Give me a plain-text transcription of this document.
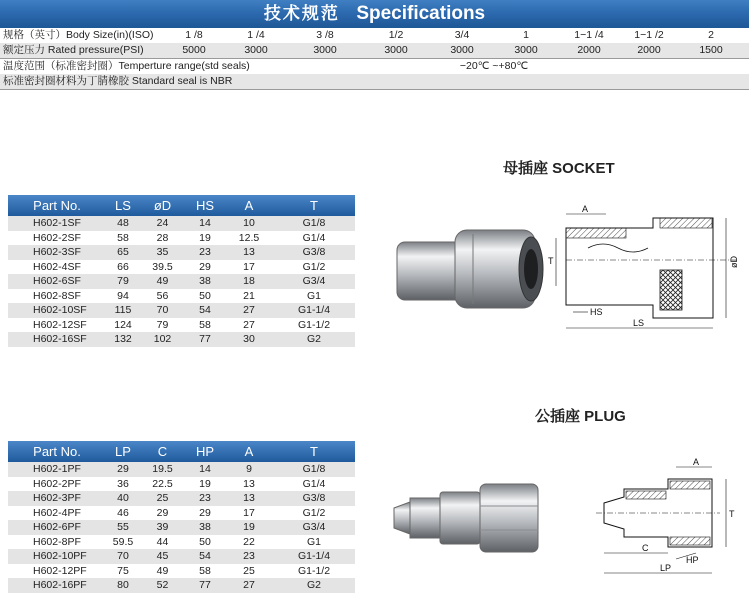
技术规范 Specifications
规格（英寸）Body Size(in)(ISO)	1 /8	1 /4	3 /8	1/2	3/4	1	1−1 /4	1−1 /2	2
额定压力 Rated pressure(PSI)	5000	3000	3000	3000	3000	3000	2000	2000	1500
温度范围（标准密封圈）Temperture range(std seals)	−20℃ ~+80℃
标准密封圈材料为丁腈橡胶 Standard seal is NBR
母插座 SOCKET
Part No.	LS	øD	HS	A	T
H602-1SF	48	24	14	10	G1/8
H602-2SF	58	28	19	12.5	G1/4
H602-3SF	65	35	23	13	G3/8
H602-4SF	66	39.5	29	17	G1/2
H602-6SF	79	49	38	18	G3/4
H602-8SF	94	56	50	21	G1
H602-10SF	115	70	54	27	G1-1/4
H602-12SF	124	79	58	27	G1-1/2
H602-16SF	132	102	77	30	G2
A
T
HS
LS
øD
公插座 PLUG
Part No.	LP	C	HP	A	T
H602-1PF	29	19.5	14	9	G1/8
H602-2PF	36	22.5	19	13	G1/4
H602-3PF	40	25	23	13	G3/8
H602-4PF	46	29	29	17	G1/2
H602-6PF	55	39	38	19	G3/4
H602-8PF	59.5	44	50	22	G1
H602-10PF	70	45	54	23	G1-1/4
H602-12PF	75	49	58	25	G1-1/2
H602-16PF	80	52	77	27	G2
A
T
C
HP
LP
